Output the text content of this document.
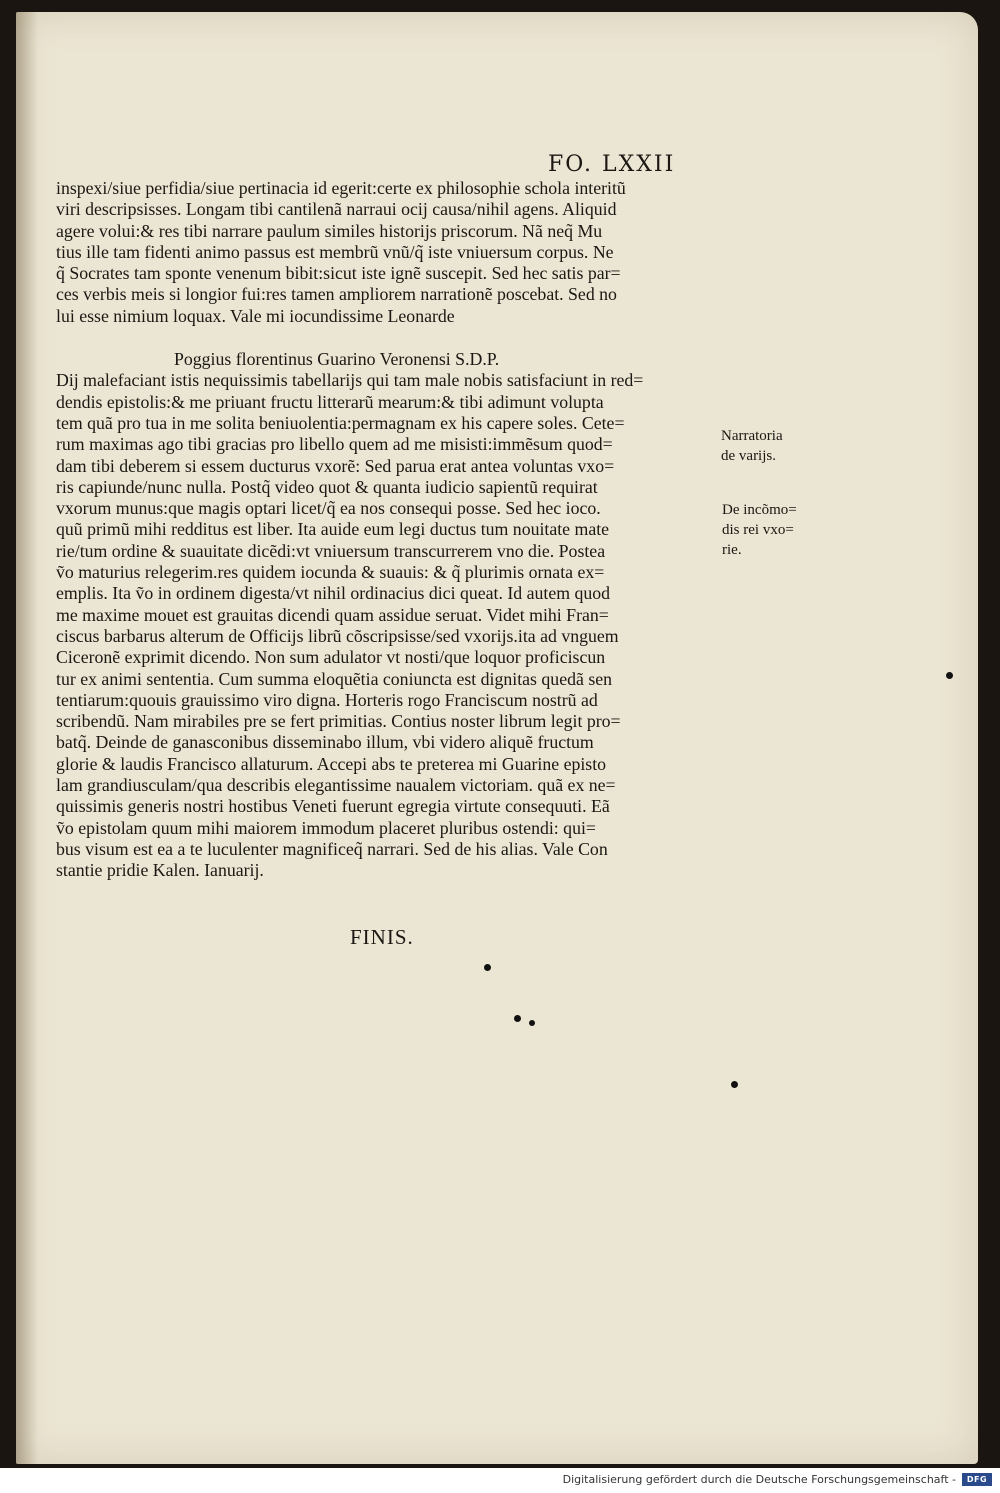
FO. LXXII
inspexi/siue perfidia/siue pertinacia id egerit:certe ex philosophie schola interitũ
viri descripsisses. Longam tibi cantilenã narraui ocij causa/nihil agens. Aliquid
agere volui:& res tibi narrare paulum similes historijs priscorum. Nã neq̃ Mu
tius ille tam fidenti animo passus est membrũ vnũ/q̃ iste vniuersum corpus. Ne
q̃ Socrates tam sponte venenum bibit:sicut iste ignẽ suscepit. Sed hec satis par=
ces verbis meis si longior fui:res tamen ampliorem narrationẽ poscebat. Sed no
lui esse nimium loquax. Vale mi iocundissime Leonarde
Poggius florentinus Guarino Veronensi S.D.P.
Dij malefaciant istis nequissimis tabellarijs qui tam male nobis satisfaciunt in red=
dendis epistolis:& me priuant fructu litterarũ mearum:& tibi adimunt volupta
tem quã pro tua in me solita beniuolentia:permagnam ex his capere soles. Cete=
rum maximas ago tibi gracias pro libello quem ad me misisti:immẽsum quod=
dam tibi deberem si essem ducturus vxorẽ: Sed parua erat antea voluntas vxo=
ris capiunde/nunc nulla. Postq̃ video quot & quanta iudicio sapientũ requirat
vxorum munus:que magis optari licet/q̃ ea nos consequi posse. Sed hec ioco.
quũ primũ mihi redditus est liber. Ita auide eum legi ductus tum nouitate mate
rie/tum ordine & suauitate dicẽdi:vt vniuersum transcurrerem vno die. Postea
ṽo maturius relegerim.res quidem iocunda & suauis: & q̃ plurimis ornata ex=
emplis. Ita ṽo in ordinem digesta/vt nihil ordinacius dici queat. Id autem quod
me maxime mouet est grauitas dicendi quam assidue seruat. Videt mihi Fran=
ciscus barbarus alterum de Officijs librũ cõscripsisse/sed vxorijs.ita ad vnguem
Ciceronẽ exprimit dicendo. Non sum adulator vt nosti/que loquor proficiscun
tur ex animi sententia. Cum summa eloquẽtia coniuncta est dignitas quedã sen
tentiarum:quouis grauissimo viro digna. Horteris rogo Franciscum nostrũ ad
scribendũ. Nam mirabiles pre se fert primitias. Contius noster librum legit pro=
batq̃. Deinde de ganasconibus disseminabo illum, vbi videro aliquẽ fructum
glorie & laudis Francisco allaturum. Accepi abs te preterea mi Guarine episto
lam grandiusculam/qua describis elegantissime naualem victoriam. quã ex ne=
quissimis generis nostri hostibus Veneti fuerunt egregia virtute consequuti. Eã
ṽo epistolam quum mihi maiorem immodum placeret pluribus ostendi: qui=
bus visum est ea a te luculenter magnificeq̃ narrari. Sed de his alias. Vale Con
stantie pridie Kalen. Ianuarij.
Narratoria
de varijs.
De incõmo=
dis rei vxo=
rie.
FINIS.
Digitalisierung gefördert durch die Deutsche Forschungsgemeinschaft -	DFG
